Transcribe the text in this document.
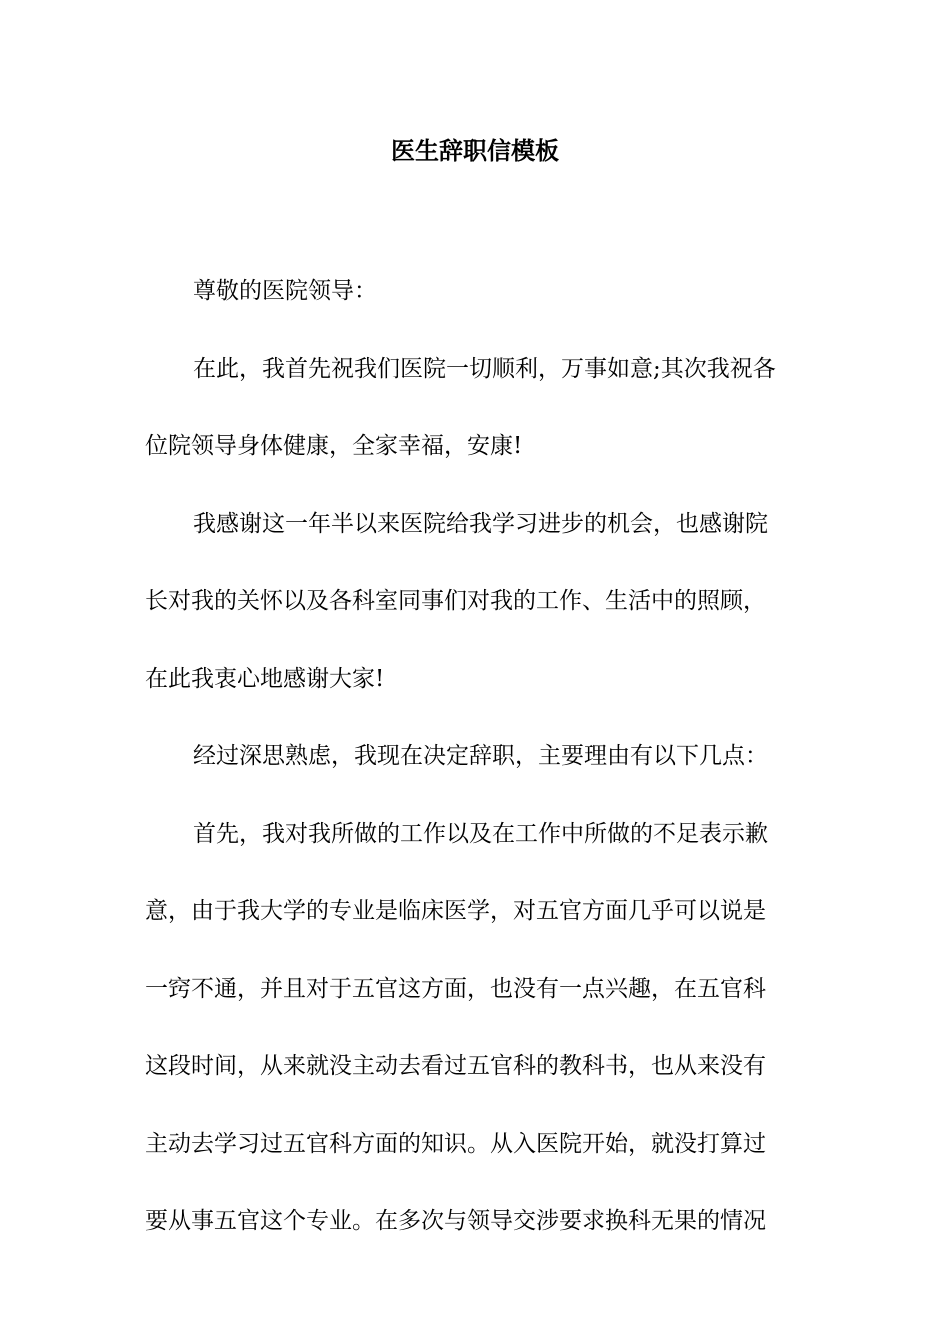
医生辞职信模板
尊敬的医院领导：
在此，我首先祝我们医院一切顺利，万事如意;其次我祝各
位院领导身体健康，全家幸福，安康!
我感谢这一年半以来医院给我学习进步的机会，也感谢院
长对我的关怀以及各科室同事们对我的工作、生活中的照顾，
在此我衷心地感谢大家!
经过深思熟虑，我现在决定辞职，主要理由有以下几点：
首先，我对我所做的工作以及在工作中所做的不足表示歉
意，由于我大学的专业是临床医学，对五官方面几乎可以说是
一窍不通，并且对于五官这方面，也没有一点兴趣，在五官科
这段时间，从来就没主动去看过五官科的教科书，也从来没有
主动去学习过五官科方面的知识。从入医院开始，就没打算过
要从事五官这个专业。在多次与领导交涉要求换科无果的情况
